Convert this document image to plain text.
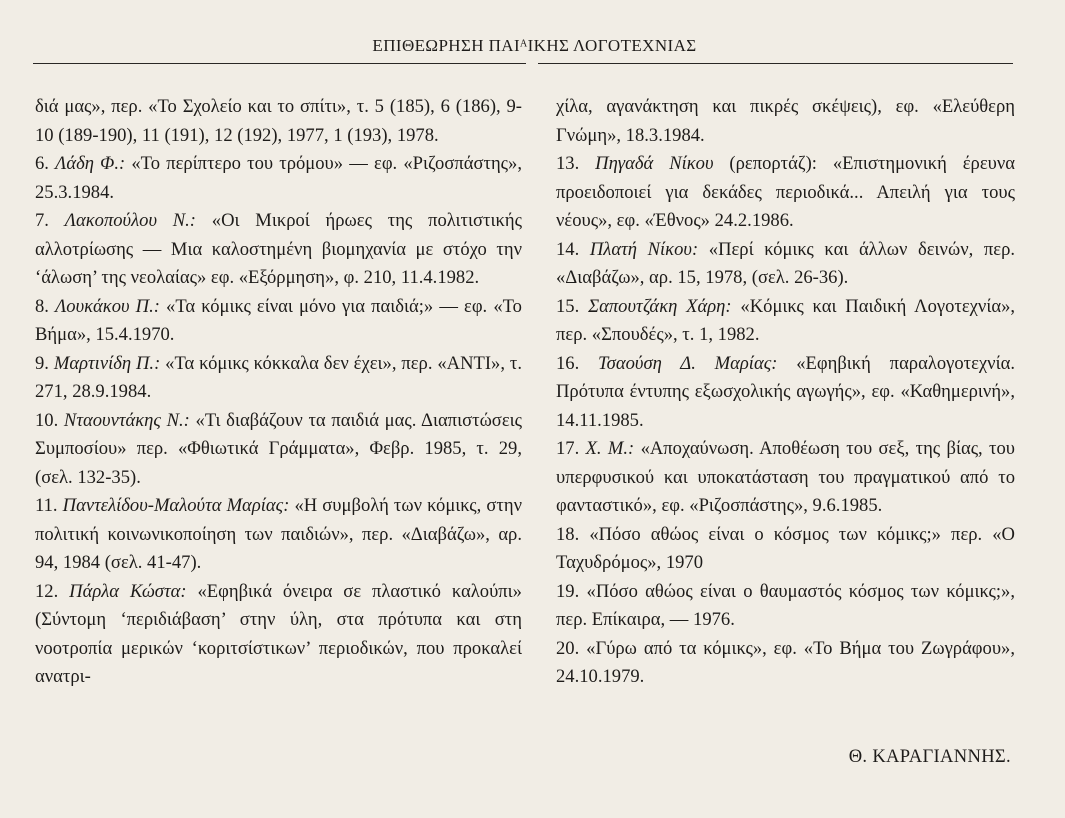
ΕΠΙΘΕΩΡΗΣΗ ΠΑΙᴬΙΚΗΣ ΛΟΓΟΤΕΧΝΙΑΣ

διά μας», περ. «Το Σχολείο και το σπίτι», τ. 5 (185), 6 (186), 9-10 (189-190), 11 (191), 12 (192), 1977, 1 (193), 1978.

6. Λάδη Φ.: «Το περίπτερο του τρόμου» — εφ. «Ριζοσπάστης», 25.3.1984.

7. Λακοπούλου Ν.: «Οι Μικροί ήρωες της πολιτιστικής αλλοτρίωσης — Μια καλοστημένη βιομηχανία με στόχο την ‘άλωση’ της νεολαίας» εφ. «Εξόρμηση», φ. 210, 11.4.1982.

8. Λουκάκου Π.: «Τα κόμικς είναι μόνο για παιδιά;» — εφ. «Το Βήμα», 15.4.1970.

9. Μαρτινίδη Π.: «Τα κόμικς κόκκαλα δεν έχει», περ. «ΑΝΤΙ», τ. 271, 28.9.1984.

10. Νταουντάκης Ν.: «Τι διαβάζουν τα παιδιά μας. Διαπιστώσεις Συμποσίου» περ. «Φθιωτικά Γράμματα», Φεβρ. 1985, τ. 29, (σελ. 132-35).

11. Παντελίδου-Μαλούτα Μαρίας: «Η συμβολή των κόμικς, στην πολιτική κοινωνικοποίηση των παιδιών», περ. «Διαβάζω», αρ. 94, 1984 (σελ. 41-47).

12. Πάρλα Κώστα: «Εφηβικά όνειρα σε πλαστικό καλούπι» (Σύντομη ‘περιδιάβαση’ στην ύλη, στα πρότυπα και στη νοοτροπία μερικών ‘κοριτσίστικων’ περιοδικών, που προκαλεί ανατρι-

χίλα, αγανάκτηση και πικρές σκέψεις), εφ. «Ελεύθερη Γνώμη», 18.3.1984.

13. Πηγαδά Νίκου (ρεπορτάζ): «Επιστημονική έρευνα προειδοποιεί για δεκάδες περιοδικά... Απειλή για τους νέους», εφ. «Έθνος» 24.2.1986.

14. Πλατή Νίκου: «Περί κόμικς και άλλων δεινών, περ. «Διαβάζω», αρ. 15, 1978, (σελ. 26-36).

15. Σαπουτζάκη Χάρη: «Κόμικς και Παιδική Λογοτεχνία», περ. «Σπουδές», τ. 1, 1982.

16. Τσαούση Δ. Μαρίας: «Εφηβική παραλογοτεχνία. Πρότυπα έντυπης εξωσχολικής αγωγής», εφ. «Καθημερινή», 14.11.1985.

17. Χ. Μ.: «Αποχαύνωση. Αποθέωση του σεξ, της βίας, του υπερφυσικού και υποκατάσταση του πραγματικού από το φανταστικό», εφ. «Ριζοσπάστης», 9.6.1985.

18. «Πόσο αθώος είναι ο κόσμος των κόμικς;» περ. «Ο Ταχυδρόμος», 1970

19. «Πόσο αθώος είναι ο θαυμαστός κόσμος των κόμικς;», περ. Επίκαιρα, — 1976.

20. «Γύρω από τα κόμικς», εφ. «Το Βήμα του Ζωγράφου», 24.10.1979.

Θ. ΚΑΡΑΓΙΑΝΝΗΣ.
